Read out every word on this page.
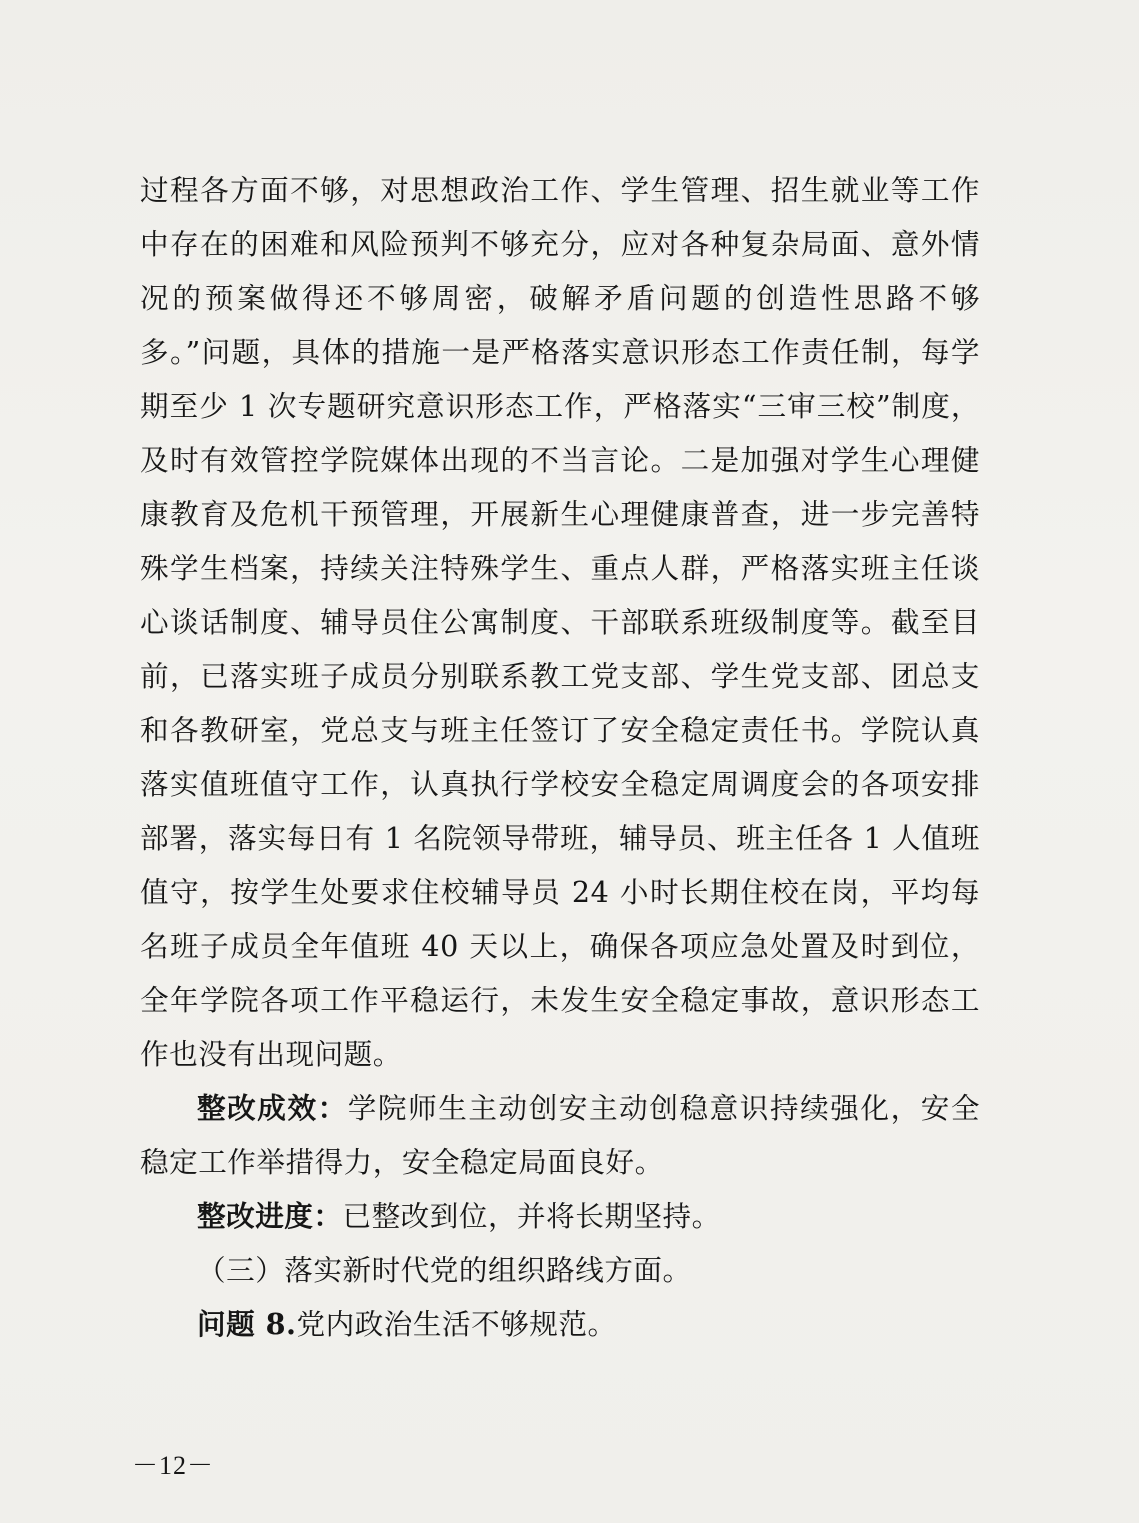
过程各方面不够，对思想政治工作、学生管理、招生就业等工作中存在的困难和风险预判不够充分，应对各种复杂局面、意外情况的预案做得还不够周密，破解矛盾问题的创造性思路不够多。”问题，具体的措施一是严格落实意识形态工作责任制，每学期至少 1 次专题研究意识形态工作，严格落实“三审三校”制度，及时有效管控学院媒体出现的不当言论。二是加强对学生心理健康教育及危机干预管理，开展新生心理健康普查，进一步完善特殊学生档案，持续关注特殊学生、重点人群，严格落实班主任谈心谈话制度、辅导员住公寓制度、干部联系班级制度等。截至目前，已落实班子成员分别联系教工党支部、学生党支部、团总支和各教研室，党总支与班主任签订了安全稳定责任书。学院认真落实值班值守工作，认真执行学校安全稳定周调度会的各项安排部署，落实每日有 1 名院领导带班，辅导员、班主任各 1 人值班值守，按学生处要求住校辅导员 24 小时长期住校在岗，平均每名班子成员全年值班 40 天以上，确保各项应急处置及时到位，全年学院各项工作平稳运行，未发生安全稳定事故，意识形态工作也没有出现问题。

整改成效：学院师生主动创安主动创稳意识持续强化，安全稳定工作举措得力，安全稳定局面良好。

整改进度：已整改到位，并将长期坚持。

（三）落实新时代党的组织路线方面。

问题 8.党内政治生活不够规范。

－12－
